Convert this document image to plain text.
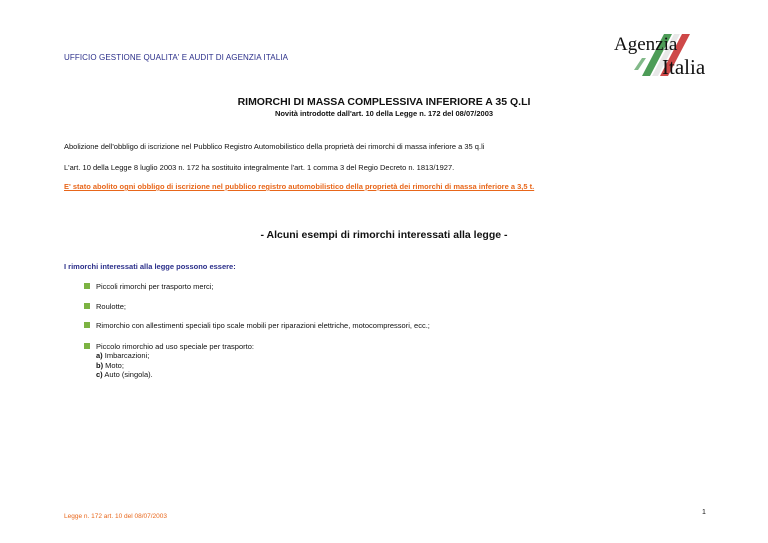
UFFICIO GESTIONE QUALITA' E AUDIT DI AGENZIA ITALIA
Agenzia
Italia
RIMORCHI DI MASSA COMPLESSIVA INFERIORE A 35 Q.LI
Novità introdotte dall'art. 10 della Legge n. 172 del 08/07/2003
Abolizione dell'obbligo di iscrizione nel Pubblico Registro Automobilistico della proprietà dei rimorchi di massa inferiore a 35 q.li
L'art. 10 della Legge 8 luglio 2003 n. 172 ha sostituito integralmente l'art. 1 comma 3 del Regio Decreto n. 1813/1927.
E' stato abolito ogni obbligo di iscrizione nel pubblico registro automobilistico della proprietà dei rimorchi di massa inferiore a 3,5 t.
- Alcuni esempi di rimorchi interessati alla legge -
I rimorchi interessati alla legge possono essere:
Piccoli rimorchi per trasporto merci;
Roulotte;
Rimorchio con allestimenti speciali tipo scale mobili per riparazioni elettriche, motocompressori, ecc.;
Piccolo rimorchio ad uso speciale per trasporto:
a) Imbarcazioni;
b) Moto;
c) Auto (singola).
Legge n. 172 art. 10 del 08/07/2003
1
